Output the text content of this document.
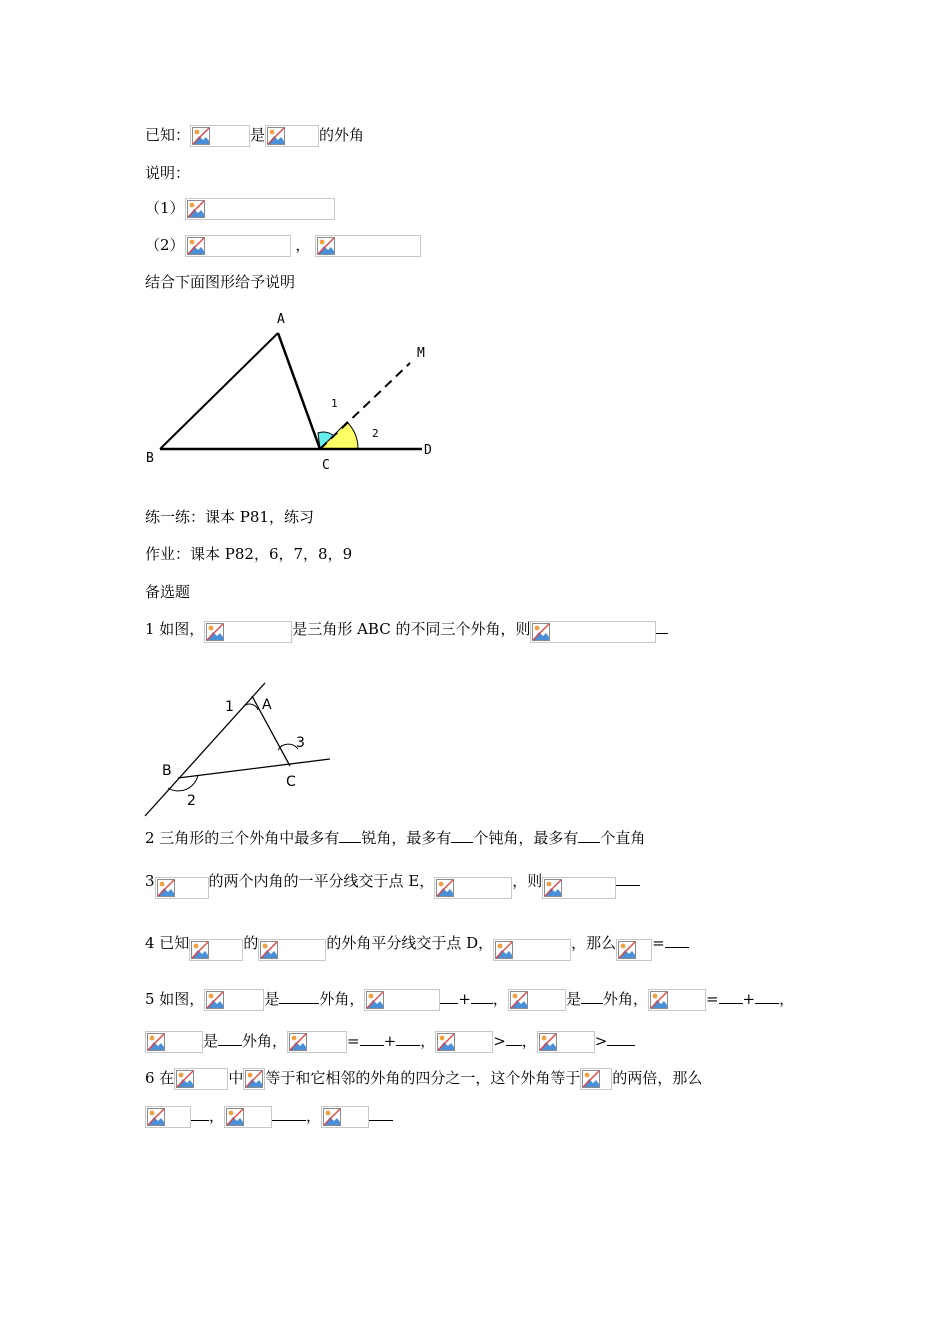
已知：	是	的外角
说明：
（1）
（2）	，
结合下面图形给予说明
A
B	C
D
M
1
2
练一练：课本 P81，练习
作业：课本 P82，6，7，8，9
备选题
1 如图，	是三角形 ABC 的不同三个外角，则
1 A
3
B
C
2
2 三角形的三个外角中最多有 锐角，最多有 个钝角，最多有 个直角
3	的两个内角的一平分线交于点 E，	，则
4 已知	的	的外角平分线交于点 D，	，那么 =
5 如图，	是	外角，	+ ，	是 外角，	= + ，
是 外角，	= + ，	> ，	>
6 在	中 等于和它相邻的外角的四分之一，这个外角等于 的两倍，那么
，	，
